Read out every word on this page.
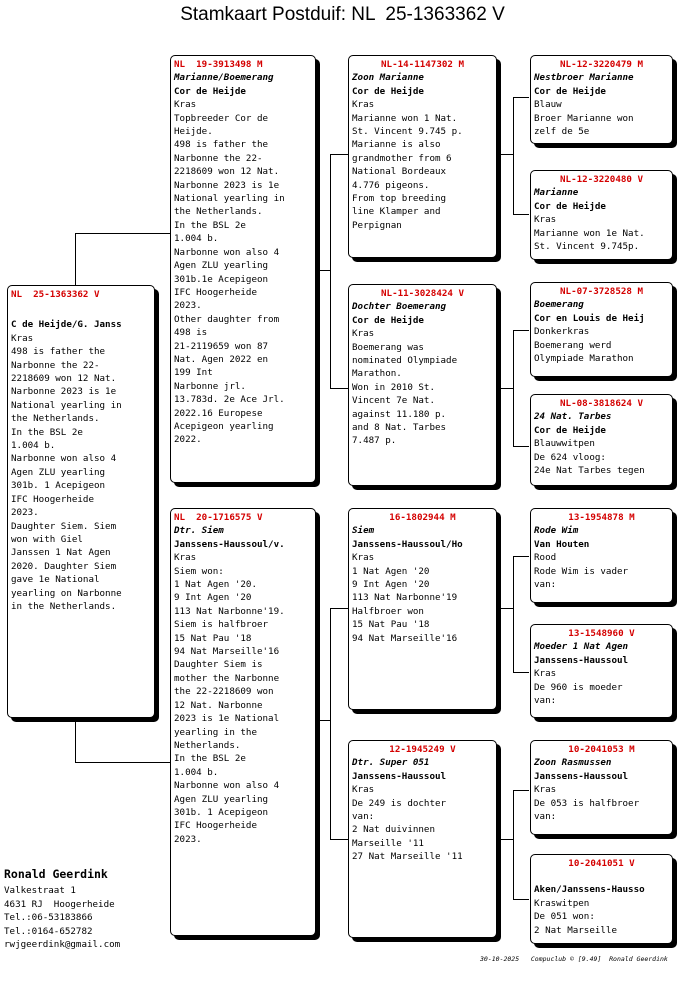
Stamkaart Postduif: NL  25-1363362 V
NL  25-1363362 V
C de Heijde/G. Janss
Kras
498 is father the
Narbonne the 22-
2218609 won 12 Nat.
Narbonne 2023 is 1e
National yearling in
the Netherlands.
In the BSL 2e
1.004 b.
Narbonne won also 4
Agen ZLU yearling
301b. 1 Acepigeon
IFC Hoogerheide
2023.
Daughter Siem. Siem
won with Giel
Janssen 1 Nat Agen
2020. Daughter Siem
gave 1e National
yearling on Narbonne
in the Netherlands.
NL  19-3913498 M
Marianne/Boemerang
Cor de Heijde
Kras
Topbreeder Cor de
Heijde.
498 is father the
Narbonne the 22-
2218609 won 12 Nat.
Narbonne 2023 is 1e
National yearling in
the Netherlands.
In the BSL 2e
1.004 b.
Narbonne won also 4
Agen ZLU yearling
301b.1e Acepigeon
IFC Hoogerheide
2023.
Other daughter from
498 is
21-2119659 won 87
Nat. Agen 2022 en
199 Int
Narbonne jrl.
13.783d. 2e Ace Jrl.
2022.16 Europese
Acepigeon yearling
2022.
NL  20-1716575 V
Dtr. Siem
Janssens-Haussoul/v.
Kras
Siem won:
1 Nat Agen '20.
9 Int Agen '20
113 Nat Narbonne'19.
Siem is halfbroer
15 Nat Pau '18
94 Nat Marseille'16
Daughter Siem is
mother the Narbonne
the 22-2218609 won
12 Nat. Narbonne
2023 is 1e National
yearling in the
Netherlands.
In the BSL 2e
1.004 b.
Narbonne won also 4
Agen ZLU yearling
301b. 1 Acepigeon
IFC Hoogerheide
2023.
NL-14-1147302 M
Zoon Marianne
Cor de Heijde
Kras
Marianne won 1 Nat.
St. Vincent 9.745 p.
Marianne is also
grandmother from 6
National Bordeaux
4.776 pigeons.
From top breeding
line Klamper and
Perpignan
NL-11-3028424 V
Dochter Boemerang
Cor de Heijde
Kras
Boemerang was
nominated Olympiade
Marathon.
Won in 2010 St.
Vincent 7e Nat.
against 11.180 p.
and 8 Nat. Tarbes
7.487 p.
16-1802944 M
Siem
Janssens-Haussoul/Ho
Kras
1 Nat Agen '20
9 Int Agen '20
113 Nat Narbonne'19
Halfbroer won
15 Nat Pau '18
94 Nat Marseille'16
12-1945249 V
Dtr. Super 051
Janssens-Haussoul
Kras
De 249 is dochter
van:
2 Nat duivinnen
Marseille '11
27 Nat Marseille '11
NL-12-3220479 M
Nestbroer Marianne
Cor de Heijde
Blauw
Broer Marianne won
zelf de 5e
NL-12-3220480 V
Marianne
Cor de Heijde
Kras
Marianne won 1e Nat.
St. Vincent 9.745p.
NL-07-3728528 M
Boemerang
Cor en Louis de Heij
Donkerkras
Boemerang werd
Olympiade Marathon
NL-08-3818624 V
24 Nat. Tarbes
Cor de Heijde
Blauwwitpen
De 624 vloog:
24e Nat Tarbes tegen
13-1954878 M
Rode Wim
Van Houten
Rood
Rode Wim is vader
van:
13-1548960 V
Moeder 1 Nat Agen
Janssens-Haussoul
Kras
De 960 is moeder
van:
10-2041053 M
Zoon Rasmussen
Janssens-Haussoul
Kras
De 053 is halfbroer
van:
10-2041051 V
Aken/Janssens-Hausso
Kraswitpen
De 051 won:
2 Nat Marseille
Ronald Geerdink
Valkestraat 1
4631 RJ  Hoogerheide
Tel.:06-53183866
Tel.:0164-652782
rwjgeerdink@gmail.com
30-10-2025   Compuclub © [9.49]  Ronald Geerdink
